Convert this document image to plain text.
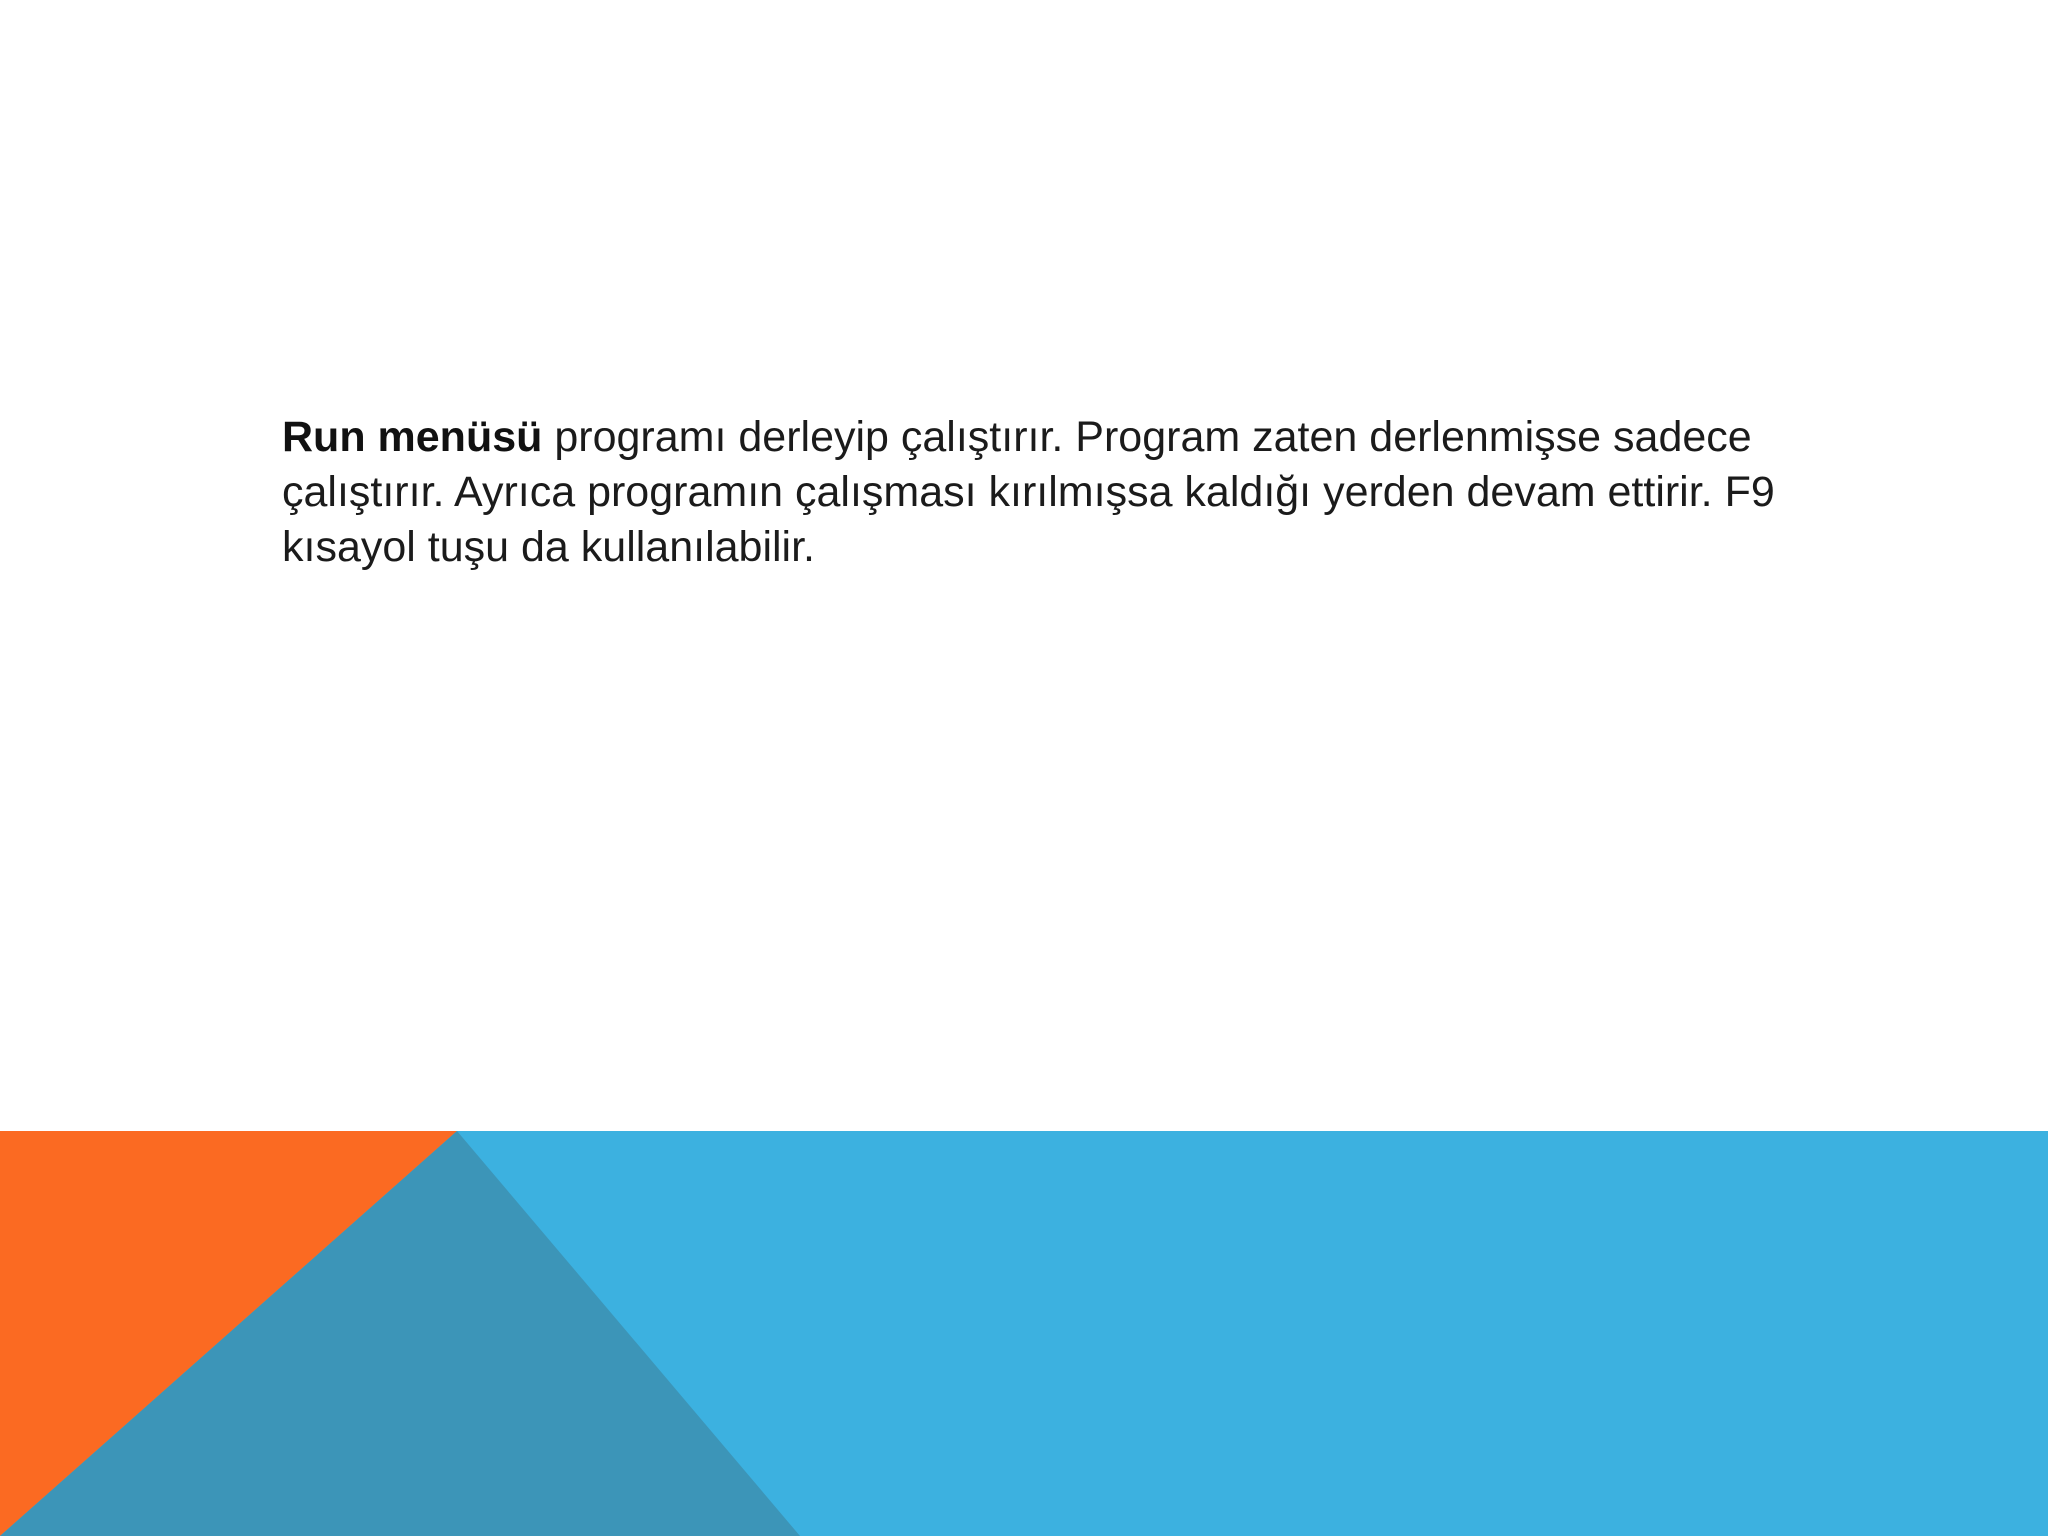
Run menüsü programı derleyip çalıştırır. Program zaten derlenmişse sadece çalıştırır. Ayrıca programın çalışması kırılmışsa kaldığı yerden devam ettirir. F9 kısayol tuşu da kullanılabilir.
